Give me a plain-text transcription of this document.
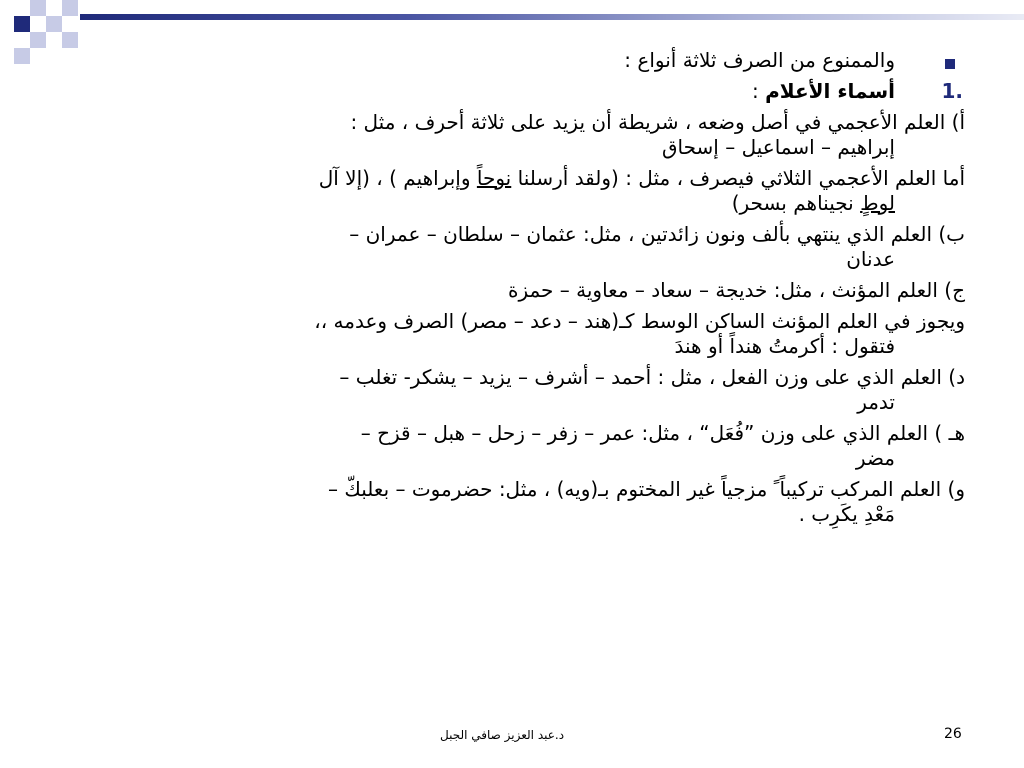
والممنوع من الصرف ثلاثة أنواع :
1.
أسماء الأعلام :
أ) العلم الأعجمي في أصل وضعه ، شريطة أن يزيد على ثلاثة أحرف ، مثل :
إبراهيم – اسماعيل – إسحاق
أما العلم الأعجمي الثلاثي فيصرف ، مثل : (ولقد أرسلنا نوحاً وإبراهيم ) ، (إلا آل
لوطٍ نجيناهم بسحر)
ب) العلم الذي ينتهي بألف ونون زائدتين ، مثل: عثمان – سلطان – عمران –
عدنان
ج) العلم المؤنث ، مثل: خديجة – سعاد – معاوية – حمزة
ويجوز في العلم المؤنث الساكن الوسط كـ(هند – دعد – مصر) الصرف وعدمه ،،
فتقول : أكرمتُ هنداً أو هندَ
د) العلم الذي على وزن الفعل ، مثل : أحمد – أشرف – يزيد – يشكر- تغلب –
تدمر
هـ ) العلم الذي على وزن ”فُعَل“ ، مثل: عمر – زفر – زحل – هبل – قزح –
مضر
و) العلم المركب تركيباً ً مزجياً غير المختوم بـ(ويه) ، مثل: حضرموت – بعلبكّ –
مَعْدِ يكَرِب .
د.عبد العزيز صافي الجبل	26
